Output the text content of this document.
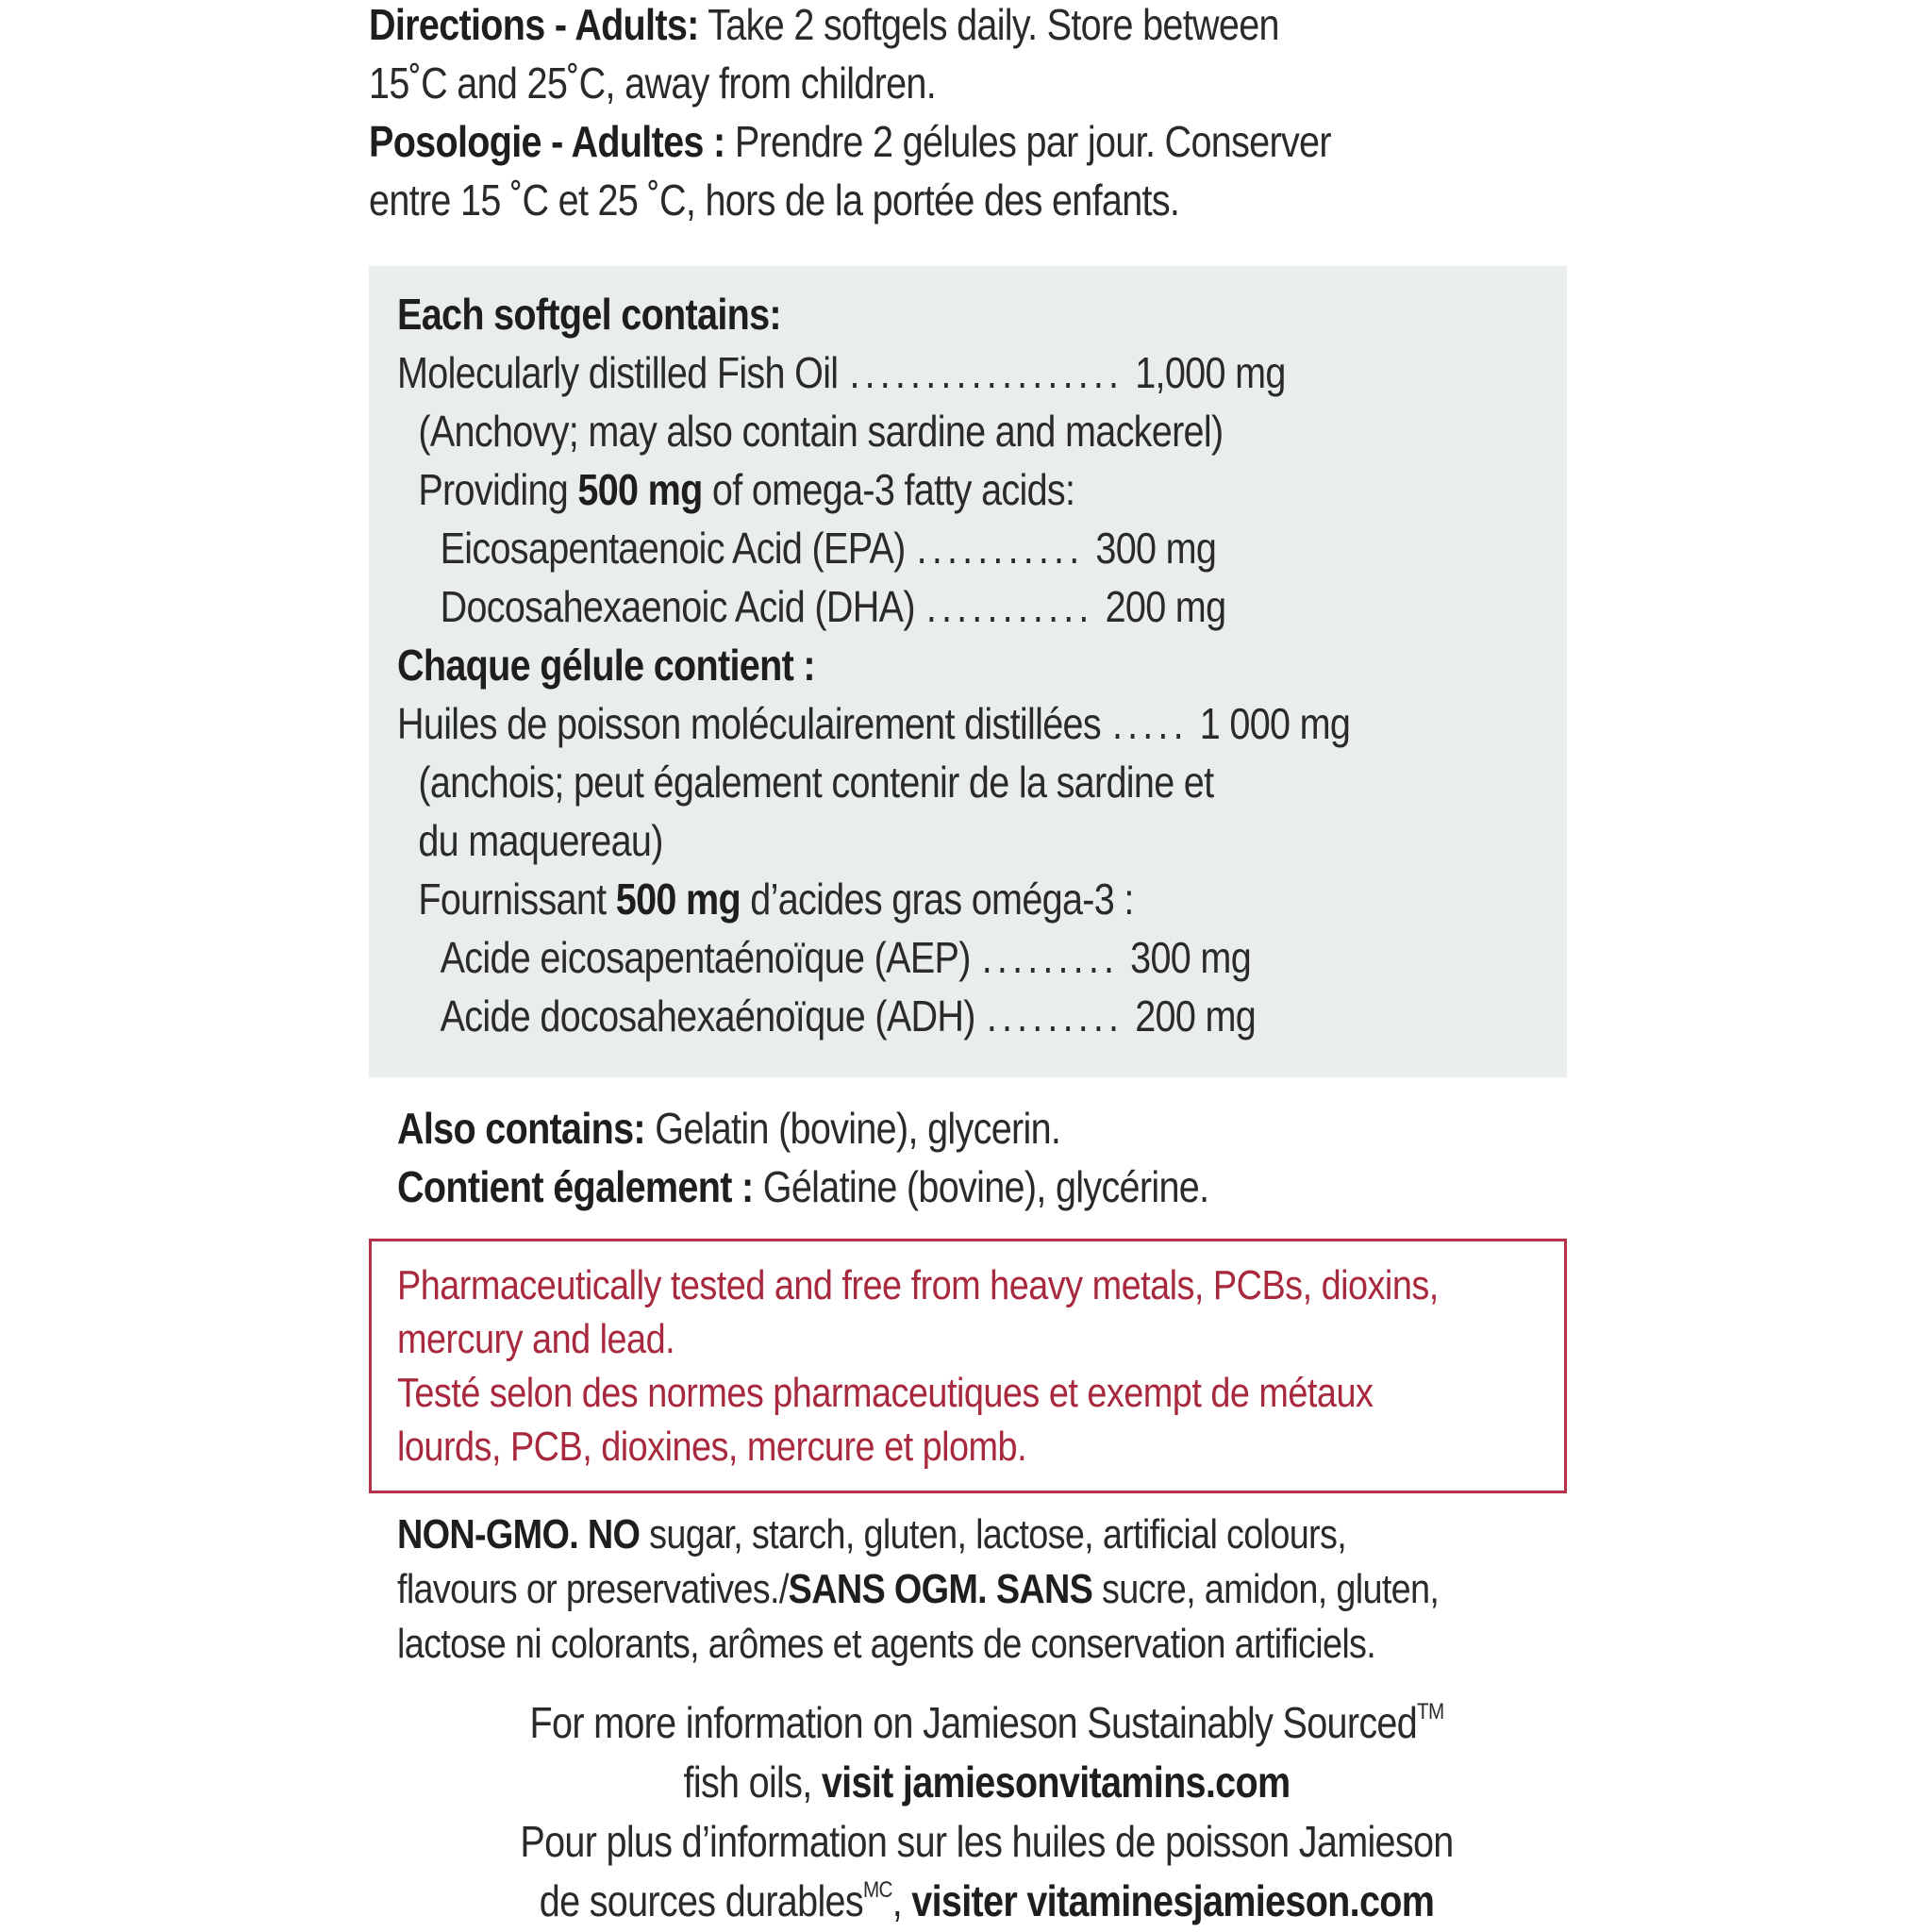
Directions - Adults: Take 2 softgels daily. Store between

15˚C and 25˚C, away from children.

Posologie - Adultes : Prendre 2 gélules par jour. Conserver

entre 15 ˚C et 25 ˚C, hors de la portée des enfants.

Each softgel contains:
Molecularly distilled Fish Oil .................. 1,000 mg
(Anchovy; may also contain sardine and mackerel)
Providing 500 mg of omega-3 fatty acids:
Eicosapentaenoic Acid (EPA) ........... 300 mg
Docosahexaenoic Acid (DHA) ........... 200 mg
Chaque gélule contient :
Huiles de poisson moléculairement distillées ..... 1 000 mg
(anchois; peut également contenir de la sardine et
du maquereau)
Fournissant 500 mg d’acides gras oméga-3 :
Acide eicosapentaénoïque (AEP) ......... 300 mg
Acide docosahexaénoïque (ADH) ......... 200 mg
Also contains: Gelatin (bovine), glycerin.
Contient également : Gélatine (bovine), glycérine.

Pharmaceutically tested and free from heavy metals, PCBs, dioxins,

mercury and lead.

Testé selon des normes pharmaceutiques et exempt de métaux

lourds, PCB, dioxines, mercure et plomb.

NON-GMO. NO sugar, starch, gluten, lactose, artificial colours,

flavours or preservatives./SANS OGM. SANS sucre, amidon, gluten,

lactose ni colorants, arômes et agents de conservation artificiels.

For more information on Jamieson Sustainably Sourced™
fish oils, visit jamiesonvitamins.com
Pour plus d’information sur les huiles de poisson Jamieson
de sources durables$^{MC}$, visiter vitaminesjamieson.com
